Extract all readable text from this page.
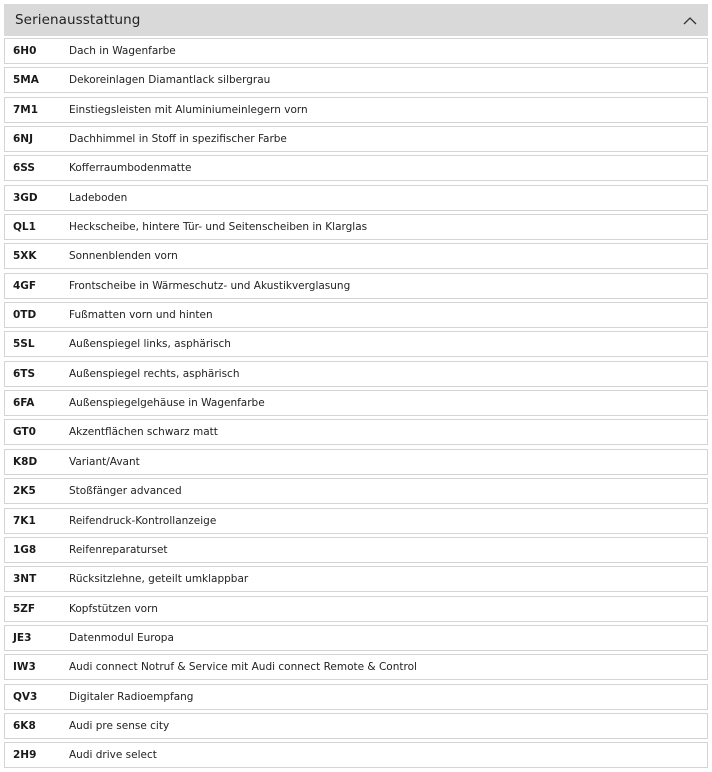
Serienausstattung
6H0	Dach in Wagenfarbe
5MA	Dekoreinlagen Diamantlack silbergrau
7M1	Einstiegsleisten mit Aluminiumeinlegern vorn
6NJ	Dachhimmel in Stoff in spezifischer Farbe
6SS	Kofferraumbodenmatte
3GD	Ladeboden
QL1	Heckscheibe, hintere Tür- und Seitenscheiben in Klarglas
5XK	Sonnenblenden vorn
4GF	Frontscheibe in Wärmeschutz- und Akustikverglasung
0TD	Fußmatten vorn und hinten
5SL	Außenspiegel links, asphärisch
6TS	Außenspiegel rechts, asphärisch
6FA	Außenspiegelgehäuse in Wagenfarbe
GT0	Akzentflächen schwarz matt
K8D	Variant/Avant
2K5	Stoßfänger advanced
7K1	Reifendruck-Kontrollanzeige
1G8	Reifenreparaturset
3NT	Rücksitzlehne, geteilt umklappbar
5ZF	Kopfstützen vorn
JE3	Datenmodul Europa
IW3	Audi connect Notruf & Service mit Audi connect Remote & Control
QV3	Digitaler Radioempfang
6K8	Audi pre sense city
2H9	Audi drive select
